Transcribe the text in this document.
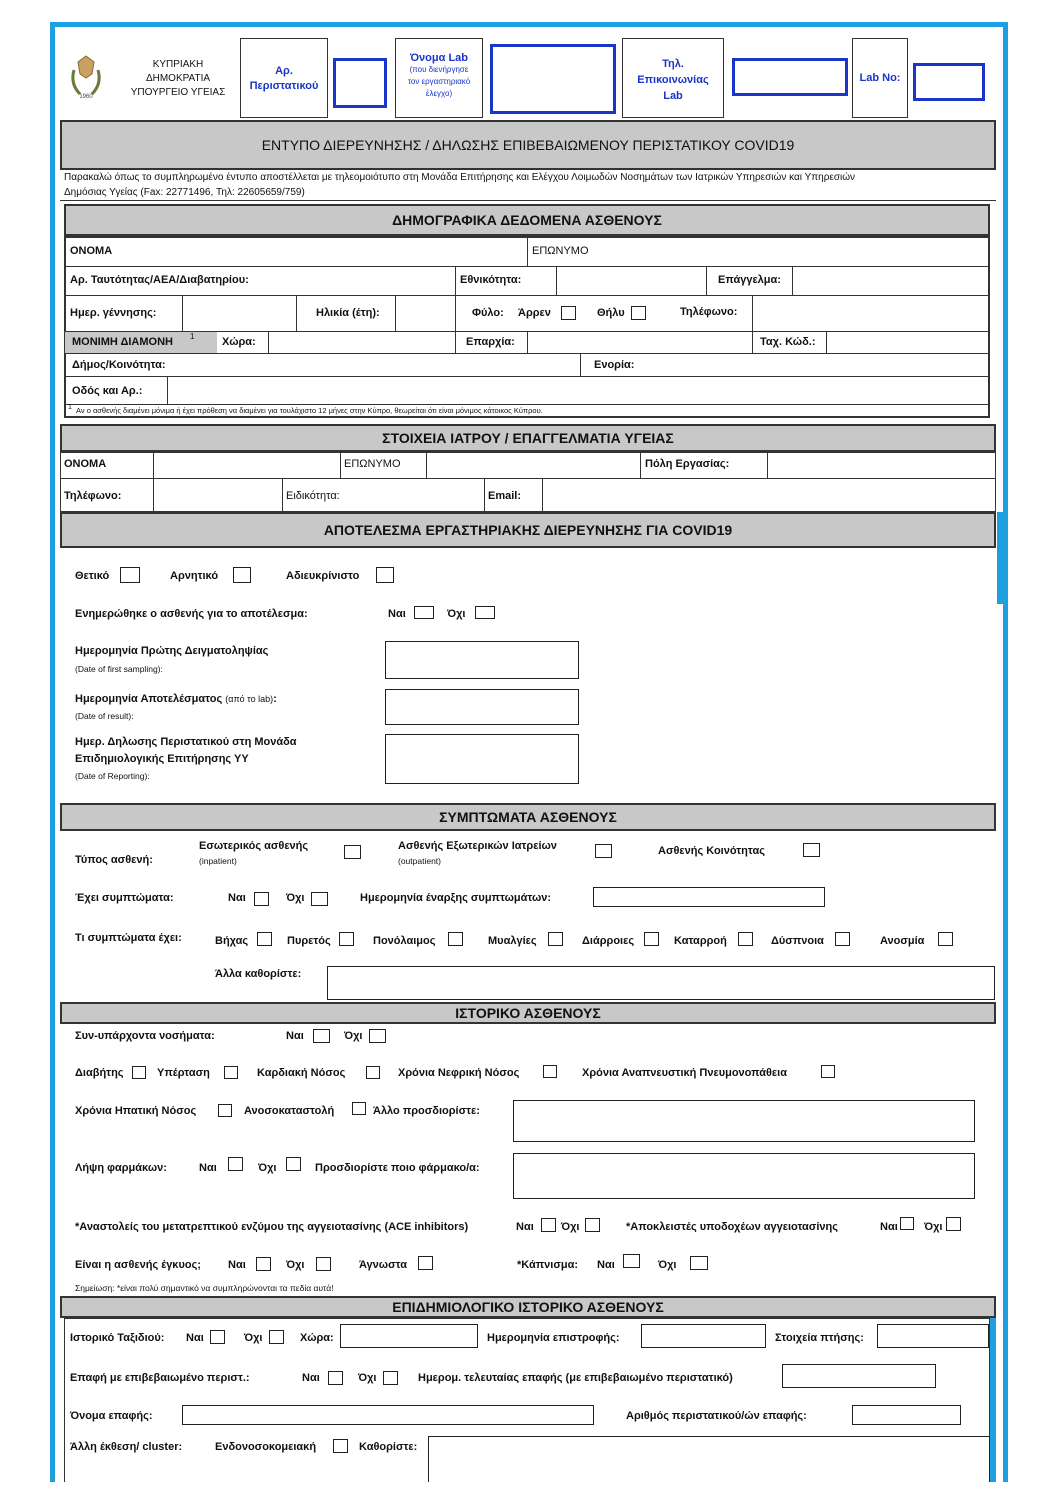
1960
ΚΥΠΡΙΑΚΗ
ΔΗΜΟΚΡΑΤΙΑ
ΥΠΟΥΡΓΕΙΟ ΥΓΕΙΑΣ
Αρ.
Περιστατικού
Όνομα Lab
(που διενήργησε
τον εργαστηριακό
έλεγχο)
Τηλ.
Επικοινωνίας
Lab
Lab No:
ΕΝΤΥΠΟ ΔΙΕΡΕΥΝΗΣΗΣ / ΔΗΛΩΣΗΣ ΕΠΙΒΕΒΑΙΩΜΕΝΟΥ ΠΕΡΙΣΤΑΤΙΚΟΥ COVID19
Παρακαλώ όπως το συμπληρωμένο έντυπο αποστέλλεται με τηλεομοιότυπο στη Μονάδα Επιτήρησης και Ελέγχου Λοιμωδών Νοσημάτων των Ιατρικών Υπηρεσιών και Υπηρεσιών
Δημόσιας Υγείας (Fax: 22771496, Τηλ: 22605659/759)
ΔΗΜΟΓΡΑΦΙΚΑ ΔΕΔΟΜΕΝΑ ΑΣΘΕΝΟΥΣ
ΟΝΟΜΑ	ΕΠΩΝΥΜΟ
Αρ. Ταυτότητας/ΑΕΑ/Διαβατηρίου:	Εθνικότητα:	Επάγγελμα:
Ημερ. γέννησης:	Ηλικία (έτη):	Φύλο: Άρρεν	Θήλυ	Τηλέφωνο:
ΜΟΝΙΜΗ ΔΙΑΜΟΝΗ 1	Χώρα:	Επαρχία:	Ταχ. Κώδ.:
Δήμος/Κοινότητα:	Ενορία:
Οδός και Αρ.:
1 Αν ο ασθενής διαμένει μόνιμα ή έχει πρόθεση να διαμένει για τουλάχιστο 12 μήνες στην Κύπρο, θεωρείται ότι είναι μόνιμος κάτοικος Κύπρου.
ΣΤΟΙΧΕΙΑ ΙΑΤΡΟΥ / ΕΠΑΓΓΕΛΜΑΤΙΑ ΥΓΕΙΑΣ
ΟΝΟΜΑ	ΕΠΩΝΥΜΟ	Πόλη Εργασίας:
Τηλέφωνο:	Ειδικότητα:	Email:
ΑΠΟΤΕΛΕΣΜΑ ΕΡΓΑΣΤΗΡΙΑΚΗΣ ΔΙΕΡΕΥΝΗΣΗΣ ΓΙΑ COVID19
Θετικό	Αρνητικό	Αδιευκρίνιστο
Ενημερώθηκε ο ασθενής για το αποτέλεσμα:	Ναι	Όχι
Ημερομηνία Πρώτης Δειγματοληψίας
(Date of first sampling):
Ημερομηνία Αποτελέσματος (από το lab):
(Date of result):
Ημερ. Δηλωσης Περιστατικού στη Μονάδα
Επιδημιολογικής Επιτήρησης ΥΥ
(Date of Reporting):
ΣΥΜΠΤΩΜΑΤΑ ΑΣΘΕΝΟΥΣ
Τύπος ασθενή:
Εσωτερικός ασθενής
(inpatient)
Ασθενής Εξωτερικών Ιατρείων
(outpatient)
Ασθενής Κοινότητας
Έχει συμπτώματα:	Ναι	Όχι	Ημερομηνία έναρξης συμπτωμάτων:
Τι συμπτώματα έχει:	Βήχας	Πυρετός	Πονόλαιμος	Μυαλγίες	Διάρροιες	Καταρροή	Δύσπνοια	Ανοσμία
Άλλα καθορίστε:
ΙΣΤΟΡΙΚΟ ΑΣΘΕΝΟΥΣ
Συν-υπάρχοντα νοσήματα:	Ναι	Όχι
Διαβήτης	Υπέρταση	Καρδιακή Νόσος	Χρόνια Νεφρική Νόσος	Χρόνια Αναπνευστική Πνευμονοπάθεια
Χρόνια Ηπατική Νόσος	Ανοσοκαταστολή	Άλλο προσδιορίστε:
Λήψη φαρμάκων:	Ναι	Όχι	Προσδιορίστε ποιο φάρμακο/α:
*Αναστολείς του μετατρεπτικού ενζύμου της αγγειοτασίνης (ACE inhibitors)	Ναι Όχι	*Αποκλειστές υποδοχέων αγγειοτασίνης	Ναι Όχι
Είναι η ασθενής έγκυος; Ναι	Όχι	Άγνωστα	*Κάπνισμα: Ναι	Όχι
Σημείωση: *είναι πολύ σημαντικό να συμπληρώνονται τα πεδία αυτά!
ΕΠΙΔΗΜΙΟΛΟΓΙΚΟ ΙΣΤΟΡΙΚΟ ΑΣΘΕΝΟΥΣ
Ιστορικό Ταξιδιού: Ναι	Όχι	Χώρα:	Ημερομηνία επιστροφής:	Στοιχεία πτήσης:
Επαφή με επιβεβαιωμένο περιστ.:	Ναι	Όχι	Ημερομ. τελευταίας επαφής (με επιβεβαιωμένο περιστατικό)
Όνομα επαφής:	Αριθμός περιστατικού/ών επαφής:
Άλλη έκθεση/ cluster:	Ενδονοσοκομειακή	Καθορίστε:
